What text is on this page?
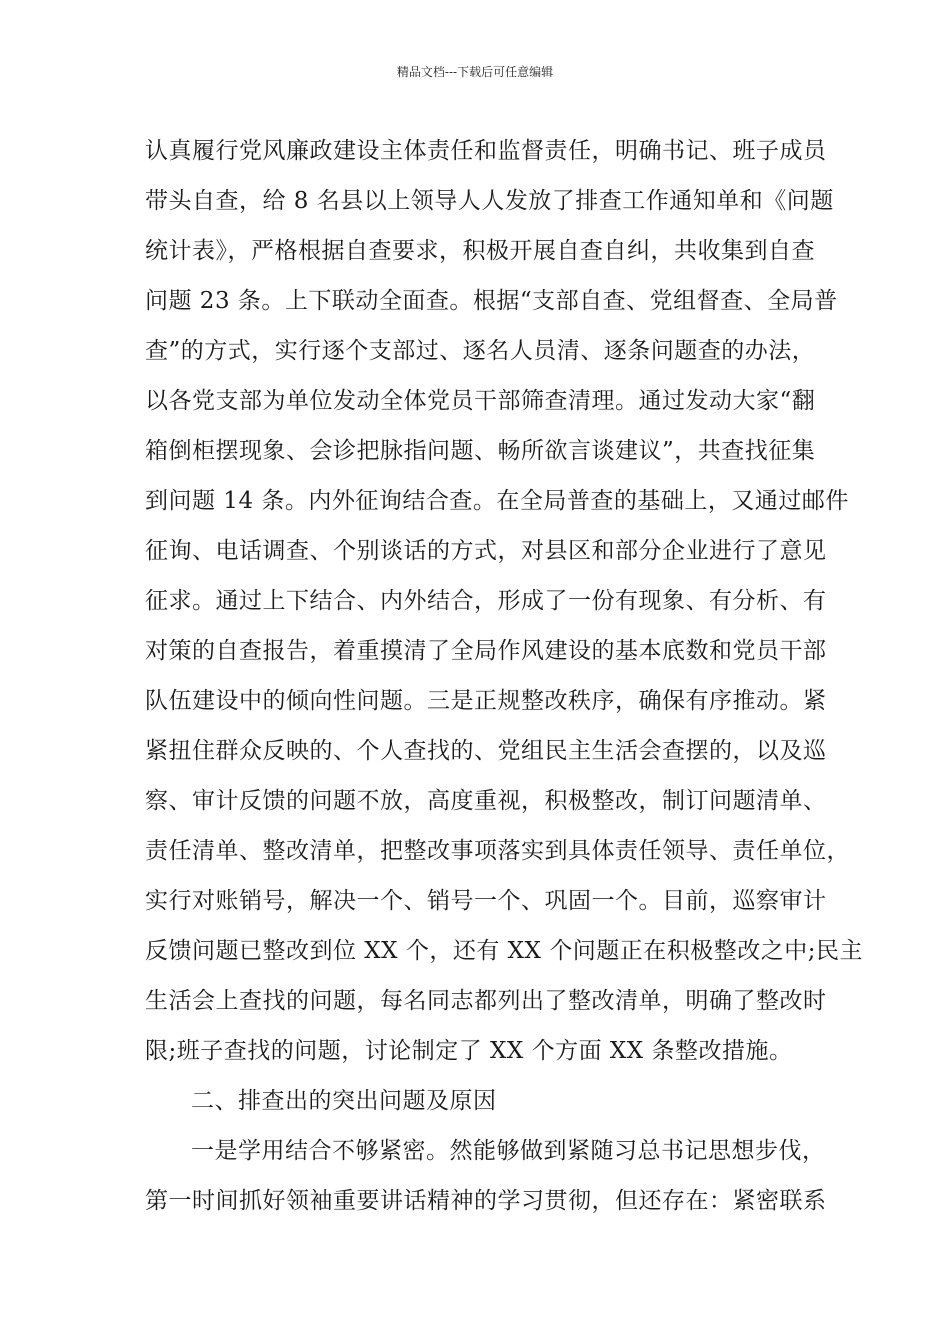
精品文档---下载后可任意编辑
认真履行党风廉政建设主体责任和监督责任，明确书记、班子成员
带头自查，给 8 名县以上领导人人发放了排查工作通知单和《问题
统计表》，严格根据自查要求，积极开展自查自纠，共收集到自查
问题 23 条。上下联动全面查。根据“支部自查、党组督查、全局普
查”的方式，实行逐个支部过、逐名人员清、逐条问题查的办法，
以各党支部为单位发动全体党员干部筛查清理。通过发动大家“翻
箱倒柜摆现象、会诊把脉指问题、畅所欲言谈建议”，共查找征集
到问题 14 条。内外征询结合查。在全局普查的基础上，又通过邮件
征询、电话调查、个别谈话的方式，对县区和部分企业进行了意见
征求。通过上下结合、内外结合，形成了一份有现象、有分析、有
对策的自查报告，着重摸清了全局作风建设的基本底数和党员干部
队伍建设中的倾向性问题。三是正规整改秩序，确保有序推动。紧
紧扭住群众反映的、个人查找的、党组民主生活会查摆的，以及巡
察、审计反馈的问题不放，高度重视，积极整改，制订问题清单、
责任清单、整改清单，把整改事项落实到具体责任领导、责任单位，
实行对账销号，解决一个、销号一个、巩固一个。目前，巡察审计
反馈问题已整改到位 XX 个，还有 XX 个问题正在积极整改之中;民主
生活会上查找的问题，每名同志都列出了整改清单，明确了整改时
限;班子查找的问题，讨论制定了 XX 个方面 XX 条整改措施。
二、排查出的突出问题及原因
一是学用结合不够紧密。然能够做到紧随习总书记思想步伐，
第一时间抓好领袖重要讲话精神的学习贯彻，但还存在：紧密联系
